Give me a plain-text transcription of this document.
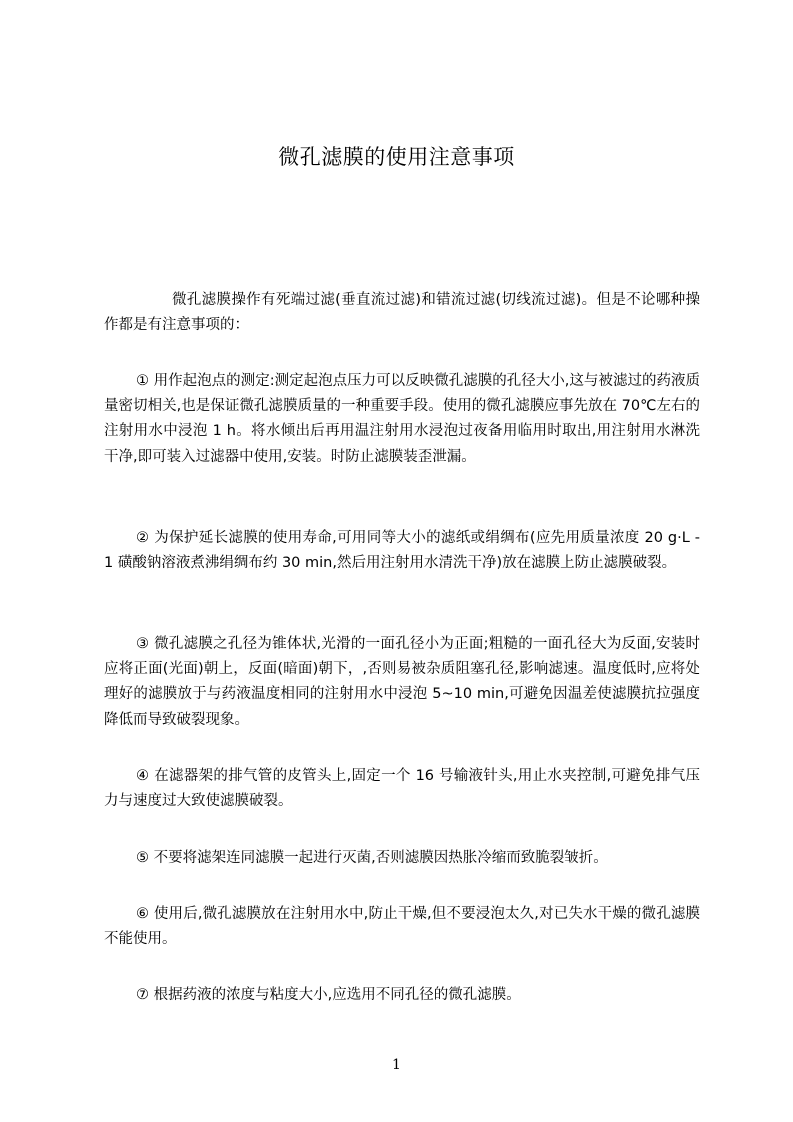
微孔滤膜的使用注意事项
微孔滤膜操作有死端过滤(垂直流过滤)和错流过滤(切线流过滤)。但是不论哪种操作都是有注意事项的：
① 用作起泡点的测定:测定起泡点压力可以反映微孔滤膜的孔径大小,这与被滤过的药液质量密切相关,也是保证微孔滤膜质量的一种重要手段。使用的微孔滤膜应事先放在 70℃左右的注射用水中浸泡 1 h。将水倾出后再用温注射用水浸泡过夜备用临用时取出,用注射用水淋洗干净,即可装入过滤器中使用,安装。时防止滤膜装歪泄漏。
② 为保护延长滤膜的使用寿命,可用同等大小的滤纸或绢绸布(应先用质量浓度 20 g·L - 1 磺酸钠溶液煮沸绢绸布约 30 min,然后用注射用水清洗干净)放在滤膜上防止滤膜破裂。
③ 微孔滤膜之孔径为锥体状,光滑的一面孔径小为正面;粗糙的一面孔径大为反面,安装时应将正面(光面)朝上，反面(暗面)朝下，,否则易被杂质阻塞孔径,影响滤速。温度低时,应将处理好的滤膜放于与药液温度相同的注射用水中浸泡 5~10 min,可避免因温差使滤膜抗拉强度降低而导致破裂现象。
④ 在滤器架的排气管的皮管头上,固定一个 16 号输液针头,用止水夹控制,可避免排气压力与速度过大致使滤膜破裂。
⑤ 不要将滤架连同滤膜一起进行灭菌,否则滤膜因热胀冷缩而致脆裂皱折。
⑥ 使用后,微孔滤膜放在注射用水中,防止干燥,但不要浸泡太久,对已失水干燥的微孔滤膜不能使用。
⑦ 根据药液的浓度与粘度大小,应选用不同孔径的微孔滤膜。
1
